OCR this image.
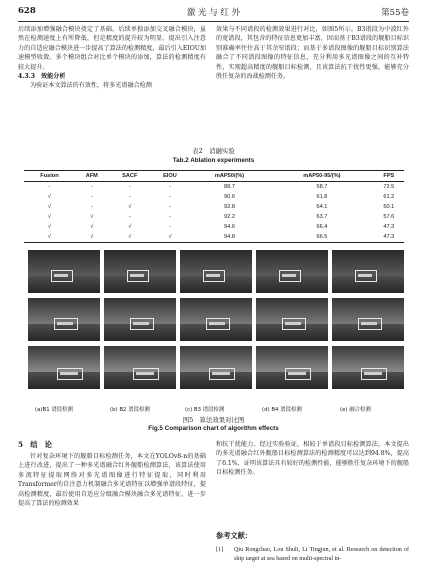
628	激 光 与 红 外	第55卷

后续添加增强融合模块奠定了基础。后续单独添加交叉融合模块，虽然在检测速度上有所降低，但是精度的提升较为明显。提出引入注意力的自适应融合模块进一步提高了算法的检测精度，最后引入EIOU加速模型收敛。多个模块组合对比单个模块的添加，算法的检测精度有较大提升。

4.3.3　效能分析

为验证本文算法的有效性，将多光谱融合检测

效果与不同谱段的检测效果进行对比，如图5所示。B3谱段为中波红外的宽谱段，其包含的特征信息更加丰富，因而基于B3谱段的舰船目标识别准确率往往高于其余窄谱段；而基于多谱段图像的舰船目标识别算法融合了不同谱段图像的特征信息，充分利用多光谱图像之间的互补特性，实现超高精度的舰船目标检测，且该算法抗干扰性更强，能够充分胜任复杂的海战检测任务。

表2　消融实验
Tab.2 Ablation experiments
Fusion	AFM	SACF	EIOU	mAP50/(%)	mAP50-95/(%)	FPS
-	-	-	-	88.7	58.7	72.5
√	-	-	-	90.6	61.8	61.2
√	-	√	-	92.8	64.1	50.1
√	√	-	-	92.2	63.7	57.6
√	√	√	-	94.6	66.4	47.3
√	√	√	√	94.8	66.5	47.3
(a)B1 谱段检测	(b) B2 谱段检测	(c) B3 谱段检测	(d) B4 谱段检测	(e) 融合检测
图5　算法效果对比图
Fig.5 Comparison chart of algorithm effects
5　结　论

针对复杂环境下的舰船目标检测任务，本文在YOLOv8-n的基础上进行改进，提出了一种多光谱融合红外舰船检测算法，该算法使用多流特征提取网络对多光谱图像进行特征提取，同时利用Transformer的自注意力机制融合多光谱特征以增强单谱段特征，提高检测精度，最后使用自适应分级融合模块融合多光谱特征，进一步提高了算法的检测效果

和抗干扰能力。经过实验验证，相较于单谱段目标检测算法，本文提出的多光谱融合红外舰船目标检测算法的检测精度可以达到94.8%，提高了6.1%，证明该算法具有较好的检测性能，能够胜任复杂环境下的舰船目标检测任务。

参考文献：
[1]	Qiu Rongchao, Lou Shuli, Li Tingjun, et al. Research on detection of ship target at sea based on multi-spectral in-
